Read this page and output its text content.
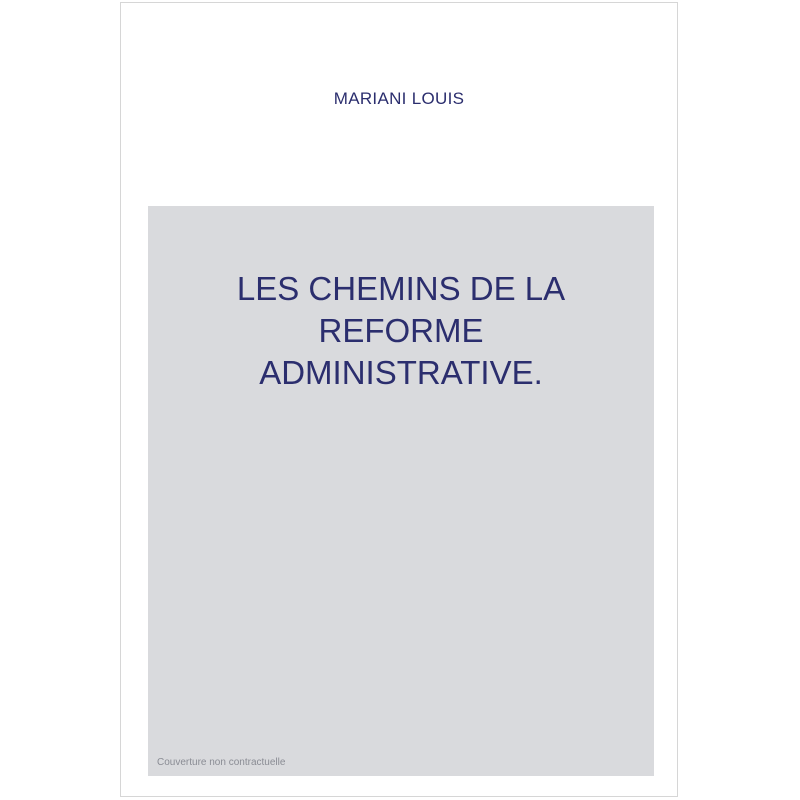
MARIANI LOUIS
LES CHEMINS DE LA
REFORME
ADMINISTRATIVE.
Couverture non contractuelle
